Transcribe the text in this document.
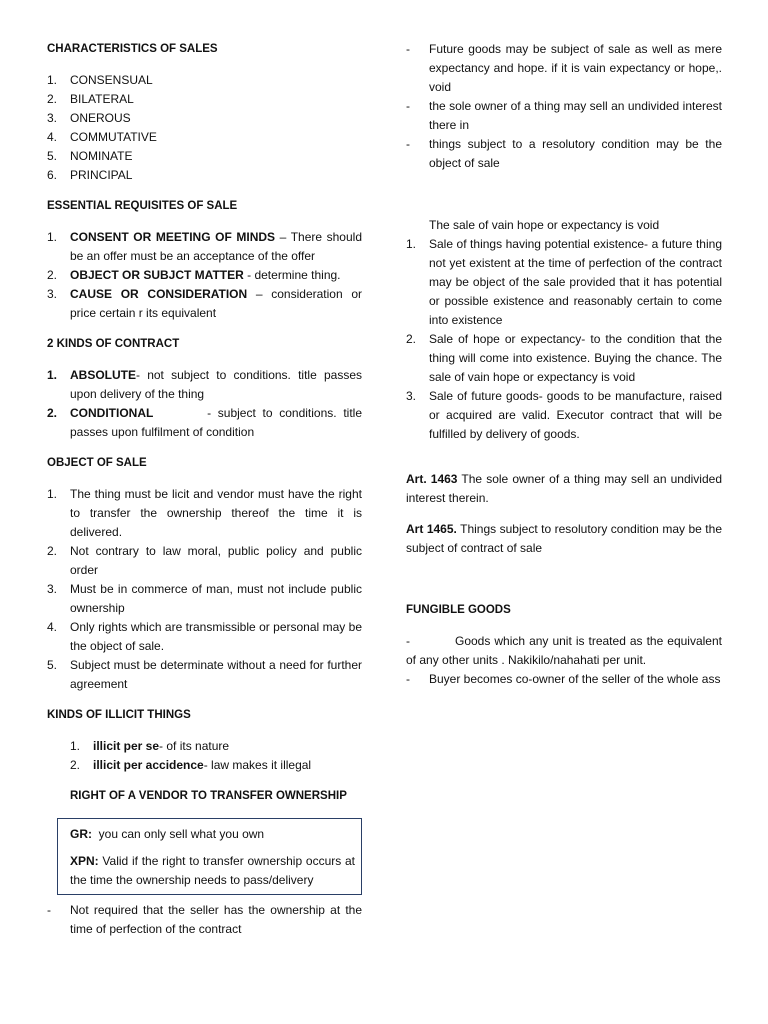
CHARACTERISTICS OF SALES
1.	CONSENSUAL
2.	BILATERAL
3.	ONEROUS
4.	COMMUTATIVE
5.	NOMINATE
6.	PRINCIPAL
ESSENTIAL REQUISITES OF SALE
1.	CONSENT OR MEETING OF MINDS – There should be an offer must be an acceptance of the offer
2.	OBJECT OR SUBJCT MATTER - determine thing.
3.	CAUSE OR CONSIDERATION – consideration or price certain r its equivalent
2 KINDS OF CONTRACT
1.	ABSOLUTE- not subject to conditions. title passes upon delivery of the thing
2.	CONDITIONAL        - subject to conditions. title passes upon fulfilment of condition
OBJECT OF SALE
1.	The thing must be licit and vendor must have the right to transfer the ownership thereof the time it is delivered.
2.	Not contrary to law moral, public policy and public order
3.	Must be in commerce of man, must not include public ownership
4.	Only rights which are transmissible or personal may be the object of sale.
5.	Subject must be determinate without a need for further agreement
KINDS OF ILLICIT THINGS
1.	illicit per se- of its nature
2.	illicit per accidence- law makes it illegal
RIGHT OF A VENDOR TO TRANSFER OWNERSHIP

GR:  you can only sell what you own

XPN: Valid if the right to transfer ownership occurs at the time the ownership needs to pass/delivery

-	Not required that the seller has the ownership at the time of perfection of the contract
-	Future goods may be subject of sale as well as mere expectancy and hope. if it is vain expectancy or hope,. void
-	the sole owner of a thing may sell an undivided interest there in
-	things subject to a resolutory condition may be the object of sale
The sale of vain hope or expectancy is void
1.	Sale of things having potential existence- a future thing not yet existent at the time of perfection of the contract may be object of the sale provided that it has potential or possible existence and reasonably certain to come into existence
2.	Sale of hope or expectancy- to the condition that the thing will come into existence. Buying the chance. The sale of vain hope or expectancy is void
3.	Sale of future goods- goods to be manufacture, raised or acquired are valid. Executor contract that will be fulfilled by delivery of goods.

Art. 1463 The sole owner of a thing may sell an undivided interest therein.

Art 1465. Things subject to resolutory condition may be the subject of contract of sale

FUNGIBLE GOODS

-	Goods which any unit is treated as the equivalent of any other units . Nakikilo/nahahati per unit.

-	Buyer becomes co-owner of the seller of the whole ass
